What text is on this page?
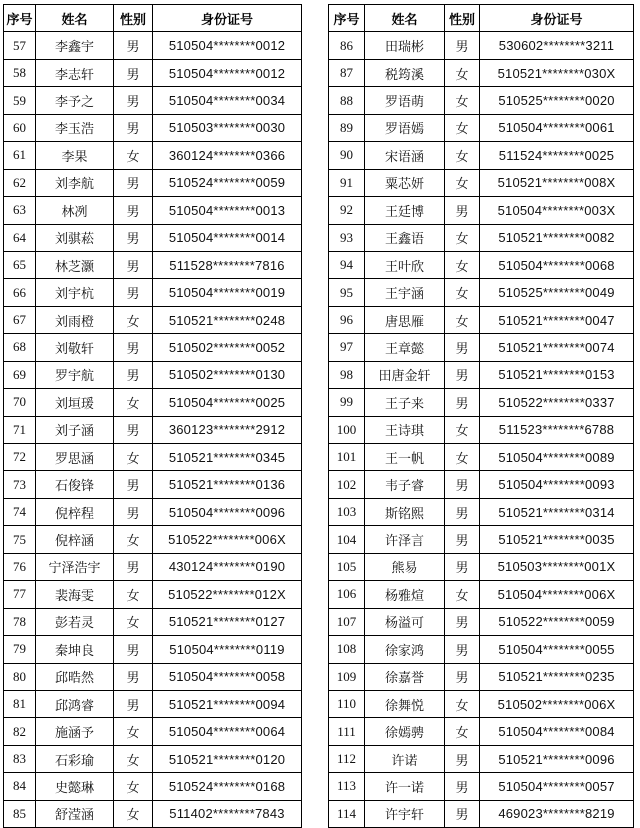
序号	姓名	性别	身份证号
57	李鑫宇	男	510504********0012
58	李志轩	男	510504********0012
59	李予之	男	510504********0034
60	李玉浩	男	510503********0030
61	李果	女	360124********0366
62	刘李航	男	510524********0059
63	林冽	男	510504********0013
64	刘骐菘	男	510504********0014
65	林芝灏	男	511528********7816
66	刘宇杭	男	510504********0019
67	刘雨橙	女	510521********0248
68	刘敬轩	男	510502********0052
69	罗宇航	男	510502********0130
70	刘垣瑗	女	510504********0025
71	刘子涵	男	360123********2912
72	罗思涵	女	510521********0345
73	石俊锋	男	510521********0136
74	倪梓程	男	510504********0096
75	倪梓涵	女	510522********006X
76	宁泽浩宇	男	430124********0190
77	裴海雯	女	510522********012X
78	彭若灵	女	510521********0127
79	秦坤良	男	510504********0119
80	邱晧然	男	510504********0058
81	邱鸿睿	男	510521********0094
82	施涵予	女	510504********0064
83	石彩瑜	女	510521********0120
84	史懿琳	女	510524********0168
85	舒滢涵	女	511402********7843
序号	姓名	性别	身份证号
86	田瑞彬	男	530602********3211
87	税筠溪	女	510521********030X
88	罗语萌	女	510525********0020
89	罗语嫣	女	510504********0061
90	宋语涵	女	511524********0025
91	粟芯妍	女	510521********008X
92	王廷博	男	510504********003X
93	王鑫语	女	510521********0082
94	王叶欣	女	510504********0068
95	王宇涵	女	510525********0049
96	唐思雁	女	510521********0047
97	王章懿	男	510521********0074
98	田唐金轩	男	510521********0153
99	王子来	男	510522********0337
100	王诗琪	女	511523********6788
101	王一帆	女	510504********0089
102	韦子睿	男	510504********0093
103	斯铭熙	男	510521********0314
104	许泽言	男	510521********0035
105	熊易	男	510503********001X
106	杨雅煊	女	510504********006X
107	杨溢可	男	510522********0059
108	徐家鸿	男	510504********0055
109	徐嘉誉	男	510521********0235
110	徐舞悦	女	510502********006X
111	徐嫣骋	女	510504********0084
112	许诺	男	510521********0096
113	许一诺	男	510504********0057
114	许宇轩	男	469023********8219
